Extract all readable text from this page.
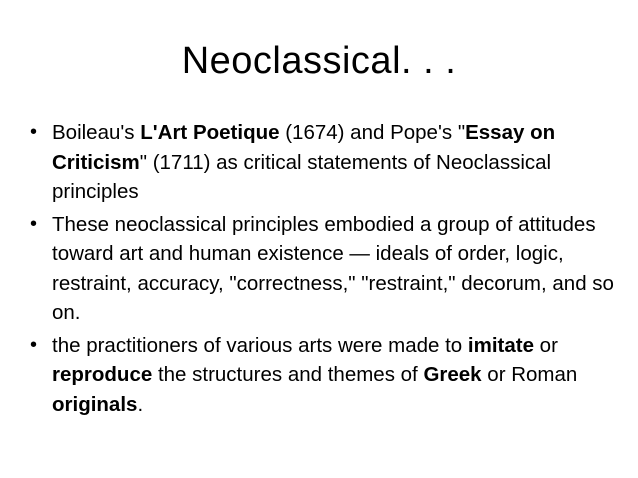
Neoclassical. . .
• Boileau's L'Art Poetique (1674) and Pope's "Essay on Criticism" (1711) as critical statements of Neoclassical principles
• These neoclassical principles embodied a group of attitudes toward art and human existence — ideals of order, logic, restraint, accuracy, "correctness," "restraint," decorum, and so on.
• the practitioners of various arts were made to imitate or reproduce the structures and themes of Greek or Roman originals.
